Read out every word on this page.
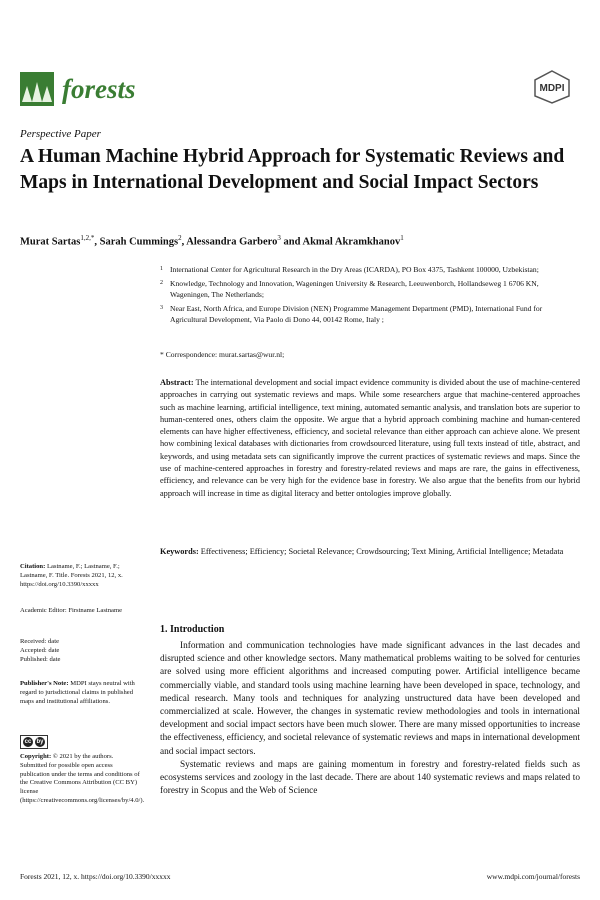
forests	MDPI
Perspective Paper
A Human Machine Hybrid Approach for Systematic Reviews and Maps in International Development and Social Impact Sectors
Murat Sartas$^{1,2,*}$, Sarah Cummings$^2$, Alessandra Garbero$^3$ and Akmal Akramkhanov$^1$
1 International Center for Agricultural Research in the Dry Areas (ICARDA), PO Box 4375, Tashkent 100000, Uzbekistan;
2 Knowledge, Technology and Innovation, Wageningen University & Research, Leeuwenborch, Hollandseweg 1 6706 KN, Wageningen, The Netherlands;
3 Near East, North Africa, and Europe Division (NEN) Programme Management Department (PMD), International Fund for Agricultural Development, Via Paolo di Dono 44, 00142 Rome, Italy ;
* Correspondence: murat.sartas@wur.nl;
Abstract: The international development and social impact evidence community is divided about the use of machine-centered approaches in carrying out systematic reviews and maps. While some researchers argue that machine-centered approaches such as machine learning, artificial intelligence, text mining, automated semantic analysis, and translation bots are superior to human-centered ones, others claim the opposite. We argue that a hybrid approach combining machine and human-centered elements can have higher effectiveness, efficiency, and societal relevance than either approach can achieve alone. We present how combining lexical databases with dictionaries from crowdsourced literature, using full texts instead of title, abstract, and keywords, and using metadata sets can significantly improve the current practices of systematic reviews and maps. Since the use of machine-centered approaches in forestry and forestry-related reviews and maps are rare, the gains in effectiveness, efficiency, and relevance can be very high for the evidence base in forestry. We also argue that the benefits from our hybrid approach will increase in time as digital literacy and better ontologies improve globally.
Keywords: Effectiveness; Efficiency; Societal Relevance; Crowdsourcing; Text Mining, Artificial Intelligence; Metadata
Citation: Lastname, F.; Lastname, F.; Lastname, F. Title. Forests 2021, 12, x. https://doi.org/10.3390/xxxxx
Academic Editor: Firstname Lastname
Received: date
Accepted: date
Published: date
Publisher's Note: MDPI stays neutral with regard to jurisdictional claims in published maps and institutional affiliations.
cc by
Copyright: © 2021 by the authors. Submitted for possible open access publication under the terms and conditions of the Creative Commons Attribution (CC BY) license (https://creativecommons.org/licenses/by/4.0/).
1. Introduction

Information and communication technologies have made significant advances in the last decades and disrupted science and other knowledge sectors. Many mathematical problems waiting to be solved for centuries are solved using more efficient algorithms and increased computing power. Artificial intelligence became commercially viable, and standard tools using machine learning have been developed in space, technology, and medical research. Many tools and techniques for analyzing unstructured data have been developed and commercialized at scale. However, the changes in systematic review methodologies and tools in international development and social impact sectors have been much slower. There are many missed opportunities to increase the effectiveness, efficiency, and societal relevance of systematic reviews and maps in international development and social impact sectors.

Systematic reviews and maps are gaining momentum in forestry and forestry-related fields such as ecosystems services and zoology in the last decade. There are about 140 systematic reviews and maps related to forestry in Scopus and the Web of Science

Forests 2021, 12, x. https://doi.org/10.3390/xxxxx	www.mdpi.com/journal/forests
